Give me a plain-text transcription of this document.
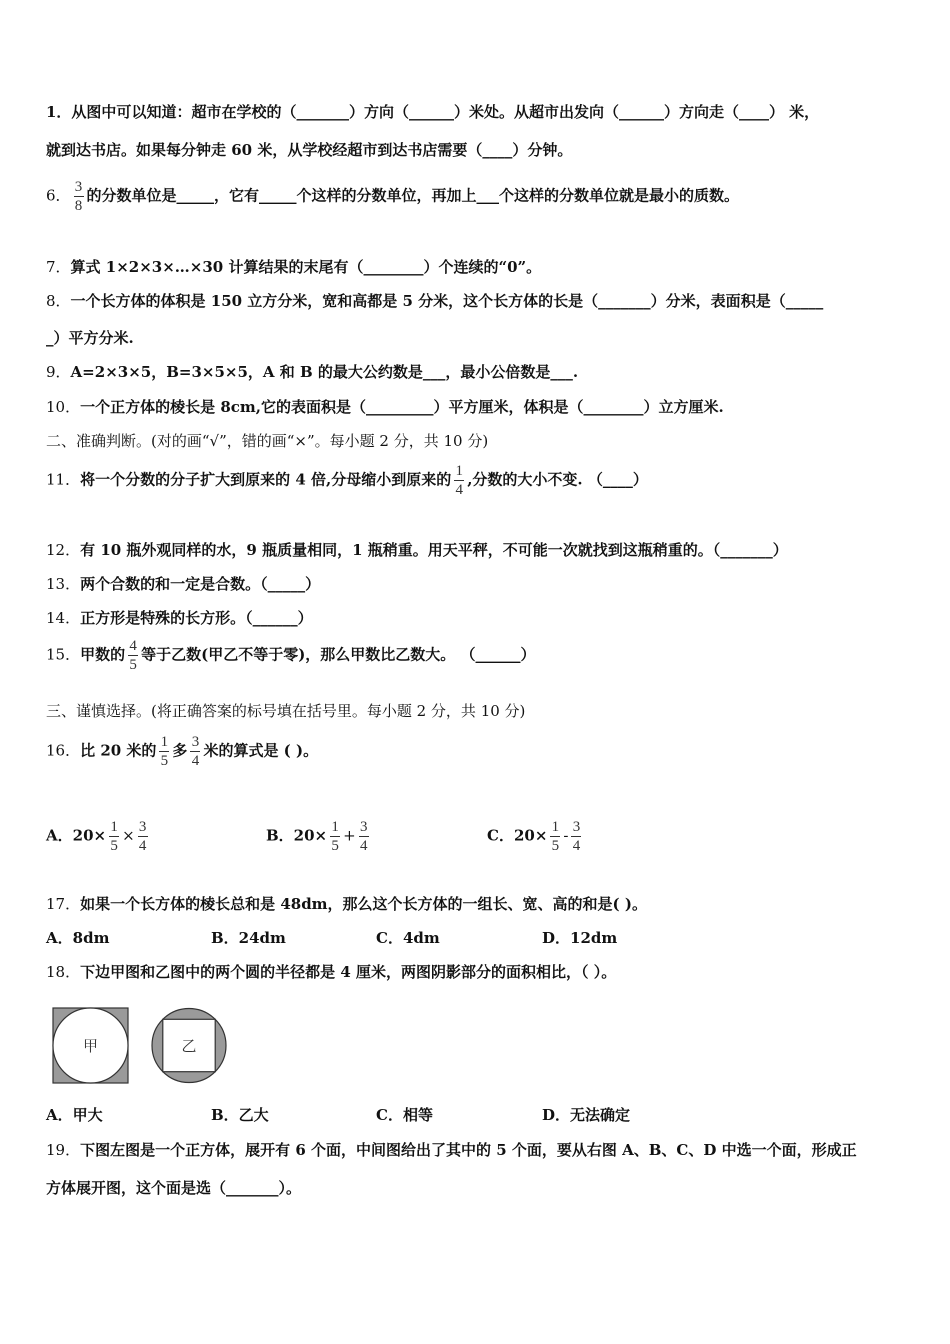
1．从图中可以知道：超市在学校的（_______）方向（______）米处。从超市出发向（______）方向走（____） 米，
就到达书店。如果每分钟走 60 米，从学校经超市到达书店需要（____）分钟。
6． $\frac{3}{8}$ 的分数单位是_____，它有_____个这样的分数单位，再加上___个这样的分数单位就是最小的质数。
7．算式 1×2×3×…×30 计算结果的末尾有（________）个连续的“0”。
8．一个长方体的体积是 150 立方分米，宽和高都是 5 分米，这个长方体的长是（_______）分米，表面积是（_____
_）平方分米.
9．A=2×3×5，B=3×5×5，A 和 B 的最大公约数是___，最小公倍数是___.
10．一个正方体的棱长是 8cm,它的表面积是（_________）平方厘米，体积是（________）立方厘米.
二、准确判断。(对的画“√”，错的画“×”。每小题 2 分，共 10 分)
11．将一个分数的分子扩大到原来的 4 倍,分母缩小到原来的 $\frac{1}{4}$ ,分数的大小不变. （____）
12．有 10 瓶外观同样的水，9 瓶质量相同，1 瓶稍重。用天平秤，不可能一次就找到这瓶稍重的。（_______）
13．两个合数的和一定是合数。（_____）
14．正方形是特殊的长方形。（______）
15．甲数的 $\frac{4}{5}$ 等于乙数(甲乙不等于零)，那么甲数比乙数大。 （______）
三、谨慎选择。(将正确答案的标号填在括号里。每小题 2 分，共 10 分)
16．比 20 米的 $\frac{1}{5}$ 多 $\frac{3}{4}$ 米的算式是 ( )。
A．$20\times \frac{1}{5} \times \frac{3}{4}$	B．$20\times \frac{1}{5} + \frac{3}{4}$	C．$20\times \frac{1}{5} - \frac{3}{4}$
17．如果一个长方体的棱长总和是 48dm，那么这个长方体的一组长、宽、高的和是( )。
A．8dm	B．24dm	C．4dm	D．12dm
18．下边甲图和乙图中的两个圆的半径都是 4 厘米，两图阴影部分的面积相比，（ ）。
甲	乙
A．甲大	B．乙大	C．相等	D．无法确定
19．下图左图是一个正方体，展开有 6 个面，中间图给出了其中的 5 个面，要从右图 A、B、C、D 中选一个面，形成正
方体展开图，这个面是选（_______）。
